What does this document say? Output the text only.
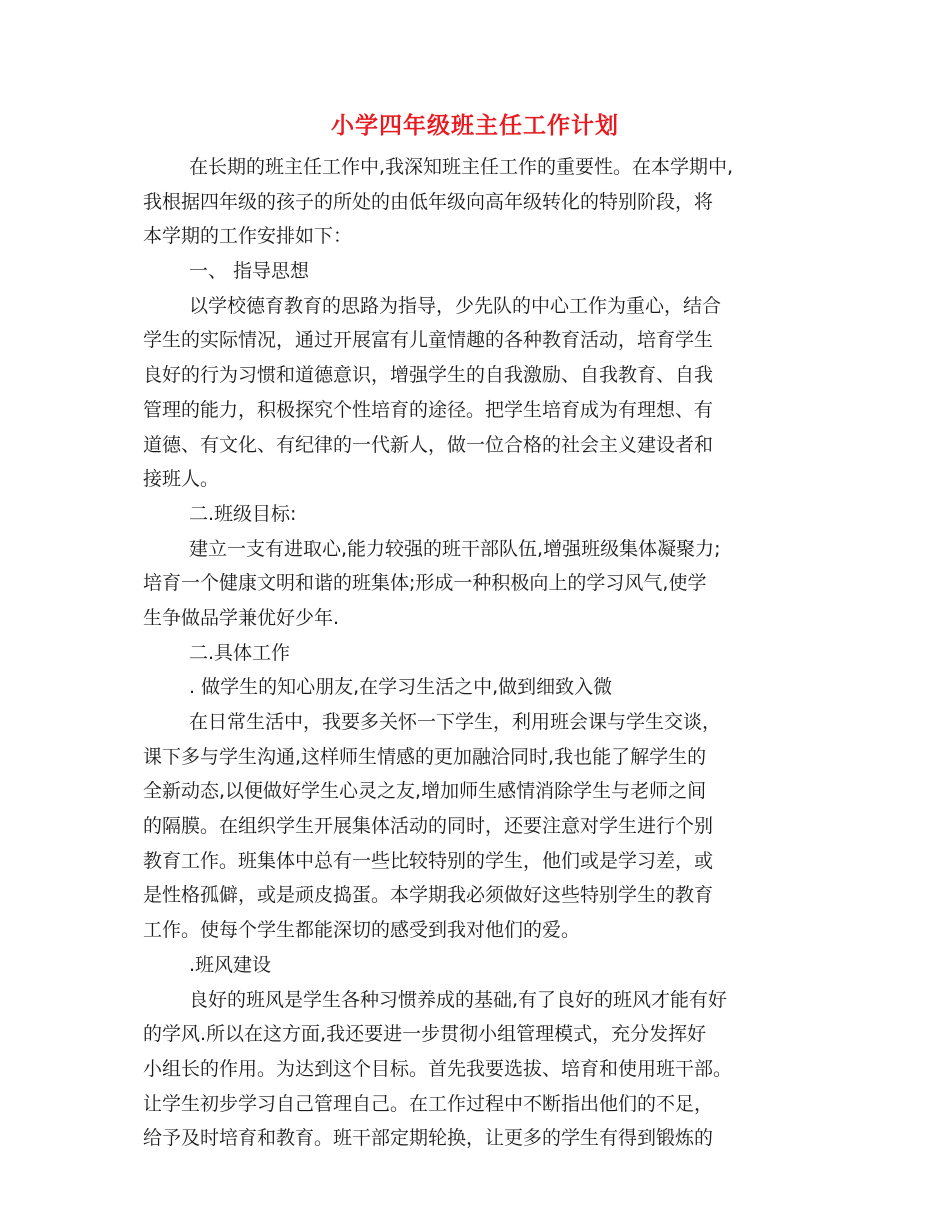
小学四年级班主任工作计划
在长期的班主任工作中,我深知班主任工作的重要性。在本学期中,
我根据四年级的孩子的所处的由低年级向高年级转化的特别阶段，将
本学期的工作安排如下：
一、 指导思想
以学校德育教育的思路为指导，少先队的中心工作为重心，结合
学生的实际情况，通过开展富有儿童情趣的各种教育活动，培育学生
良好的行为习惯和道德意识，增强学生的自我激励、自我教育、自我
管理的能力，积极探究个性培育的途径。把学生培育成为有理想、有
道德、有文化、有纪律的一代新人，做一位合格的社会主义建设者和
接班人。
二.班级目标:
建立一支有进取心,能力较强的班干部队伍,增强班级集体凝聚力;
培育一个健康文明和谐的班集体;形成一种积极向上的学习风气,使学
生争做品学兼优好少年.
二.具体工作
. 做学生的知心朋友,在学习生活之中,做到细致入微
在日常生活中，我要多关怀一下学生，利用班会课与学生交谈，
课下多与学生沟通,这样师生情感的更加融洽同时,我也能了解学生的
全新动态,以便做好学生心灵之友,增加师生感情消除学生与老师之间
的隔膜。在组织学生开展集体活动的同时，还要注意对学生进行个别
教育工作。班集体中总有一些比较特别的学生，他们或是学习差，或
是性格孤僻，或是顽皮捣蛋。本学期我必须做好这些特别学生的教育
工作。使每个学生都能深切的感受到我对他们的爱。
.班风建设
良好的班风是学生各种习惯养成的基础,有了良好的班风才能有好
的学风.所以在这方面,我还要进一步贯彻小组管理模式，充分发挥好
小组长的作用。为达到这个目标。首先我要选拔、培育和使用班干部。
让学生初步学习自己管理自己。在工作过程中不断指出他们的不足，
给予及时培育和教育。班干部定期轮换，让更多的学生有得到锻炼的
